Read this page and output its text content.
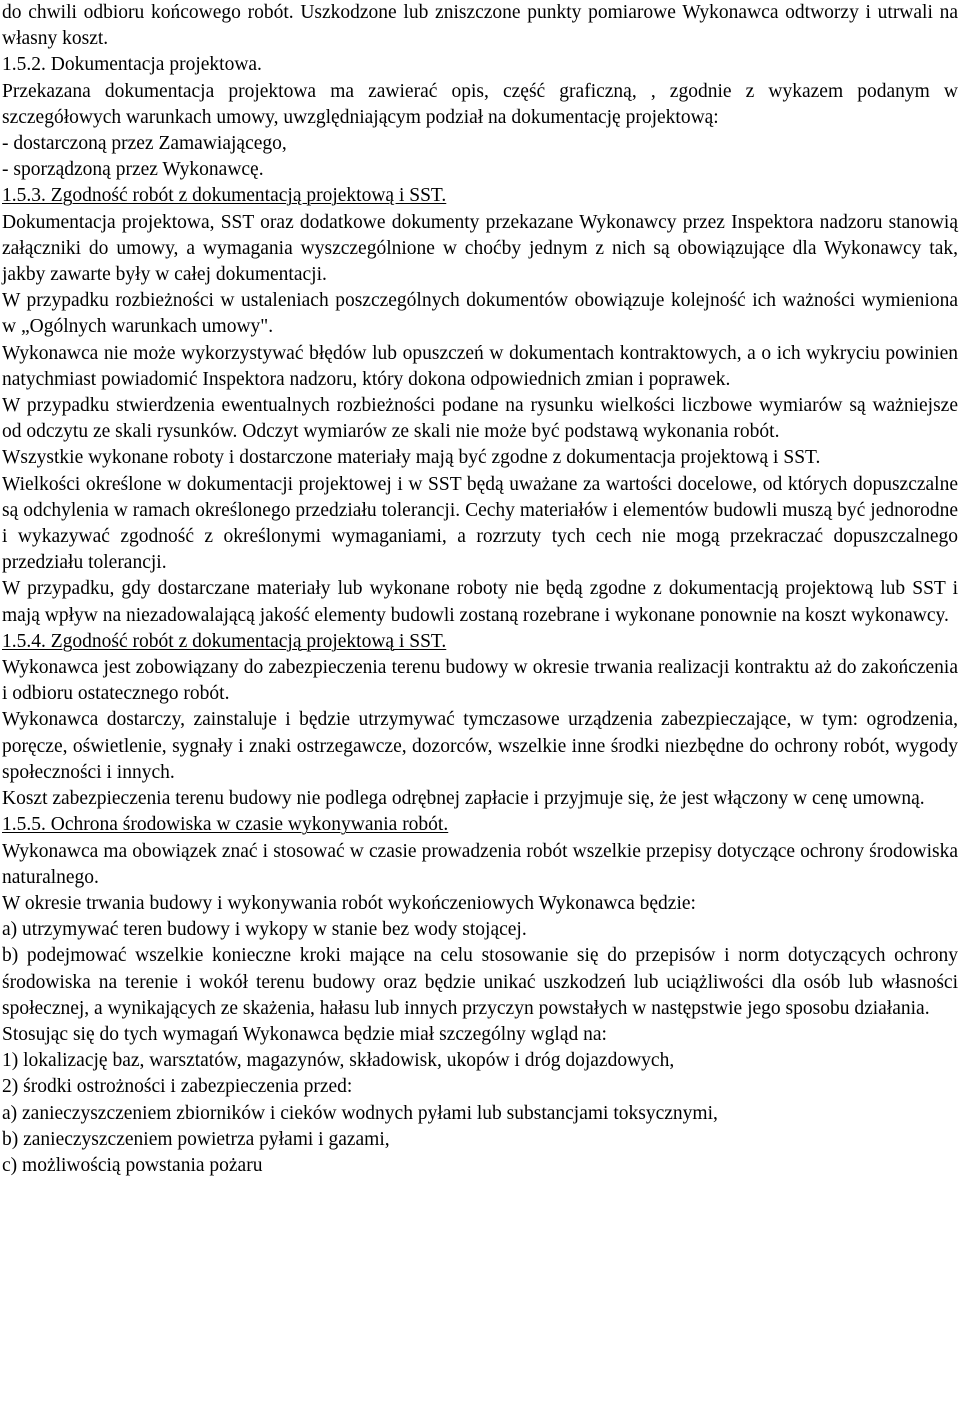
do chwili odbioru końcowego robót. Uszkodzone lub zniszczone punkty pomiarowe Wykonawca odtworzy i utrwali na własny koszt.

1.5.2. Dokumentacja projektowa.

Przekazana dokumentacja projektowa ma zawierać opis, część graficzną, , zgodnie z wykazem podanym w szczegółowych warunkach umowy, uwzględniającym podział na dokumentację projektową:

- dostarczoną przez Zamawiającego,

- sporządzoną przez Wykonawcę.

1.5.3. Zgodność robót z dokumentacją projektową i SST.

Dokumentacja projektowa, SST oraz dodatkowe dokumenty przekazane Wykonawcy przez Inspektora nadzoru stanowią załączniki do umowy, a wymagania wyszczególnione w choćby jednym z nich są obowiązujące dla Wykonawcy tak, jakby zawarte były w całej dokumentacji.

W przypadku rozbieżności w ustaleniach poszczególnych dokumentów obowiązuje kolejność ich ważności wymieniona w „Ogólnych warunkach umowy".

Wykonawca nie może wykorzystywać błędów lub opuszczeń w dokumentach kontraktowych, a o ich wykryciu powinien natychmiast powiadomić Inspektora nadzoru, który dokona odpowiednich zmian i poprawek.

W przypadku stwierdzenia ewentualnych rozbieżności podane na rysunku wielkości liczbowe wymiarów są ważniejsze od odczytu ze skali rysunków. Odczyt wymiarów ze skali nie może być podstawą wykonania robót.

Wszystkie wykonane roboty i dostarczone materiały mają być zgodne z dokumentacja projektową i SST.

Wielkości określone w dokumentacji projektowej i w SST będą uważane za wartości docelowe, od których dopuszczalne są odchylenia w ramach określonego przedziału tolerancji. Cechy materiałów i elementów budowli muszą być jednorodne i wykazywać zgodność z określonymi wymaganiami, a rozrzuty tych cech nie mogą przekraczać dopuszczalnego przedziału tolerancji.

W przypadku, gdy dostarczane materiały lub wykonane roboty nie będą zgodne z dokumentacją projektową lub SST i mają wpływ na niezadowalającą jakość elementy budowli zostaną rozebrane i wykonane ponownie na koszt wykonawcy.

1.5.4. Zgodność robót z dokumentacją projektową i SST.

Wykonawca jest zobowiązany do zabezpieczenia terenu budowy w okresie trwania realizacji kontraktu aż do zakończenia i odbioru ostatecznego robót.

Wykonawca dostarczy, zainstaluje i będzie utrzymywać tymczasowe urządzenia zabezpieczające, w tym: ogrodzenia, poręcze, oświetlenie, sygnały i znaki ostrzegawcze, dozorców, wszelkie inne środki niezbędne do ochrony robót, wygody społeczności i innych.

Koszt zabezpieczenia terenu budowy nie podlega odrębnej zapłacie i przyjmuje się, że jest włączony w cenę umowną.

1.5.5. Ochrona środowiska w czasie wykonywania robót.

Wykonawca ma obowiązek znać i stosować w czasie prowadzenia robót wszelkie przepisy dotyczące ochrony środowiska naturalnego.

W okresie trwania budowy i wykonywania robót wykończeniowych Wykonawca będzie:

a) utrzymywać teren budowy i wykopy w stanie bez wody stojącej.

b) podejmować wszelkie konieczne kroki mające na celu stosowanie się do przepisów i norm dotyczących ochrony środowiska na terenie i wokół terenu budowy oraz będzie unikać uszkodzeń lub uciążliwości dla osób lub własności społecznej, a wynikających ze skażenia, hałasu lub innych przyczyn powstałych w następstwie jego sposobu działania.

Stosując się do tych wymagań Wykonawca będzie miał szczególny wgląd na:

1) lokalizację baz, warsztatów, magazynów, składowisk, ukopów i dróg dojazdowych,

2) środki ostrożności i zabezpieczenia przed:

a) zanieczyszczeniem zbiorników i cieków wodnych pyłami lub substancjami toksycznymi,

b) zanieczyszczeniem powietrza pyłami i gazami,

c) możliwością powstania pożaru
